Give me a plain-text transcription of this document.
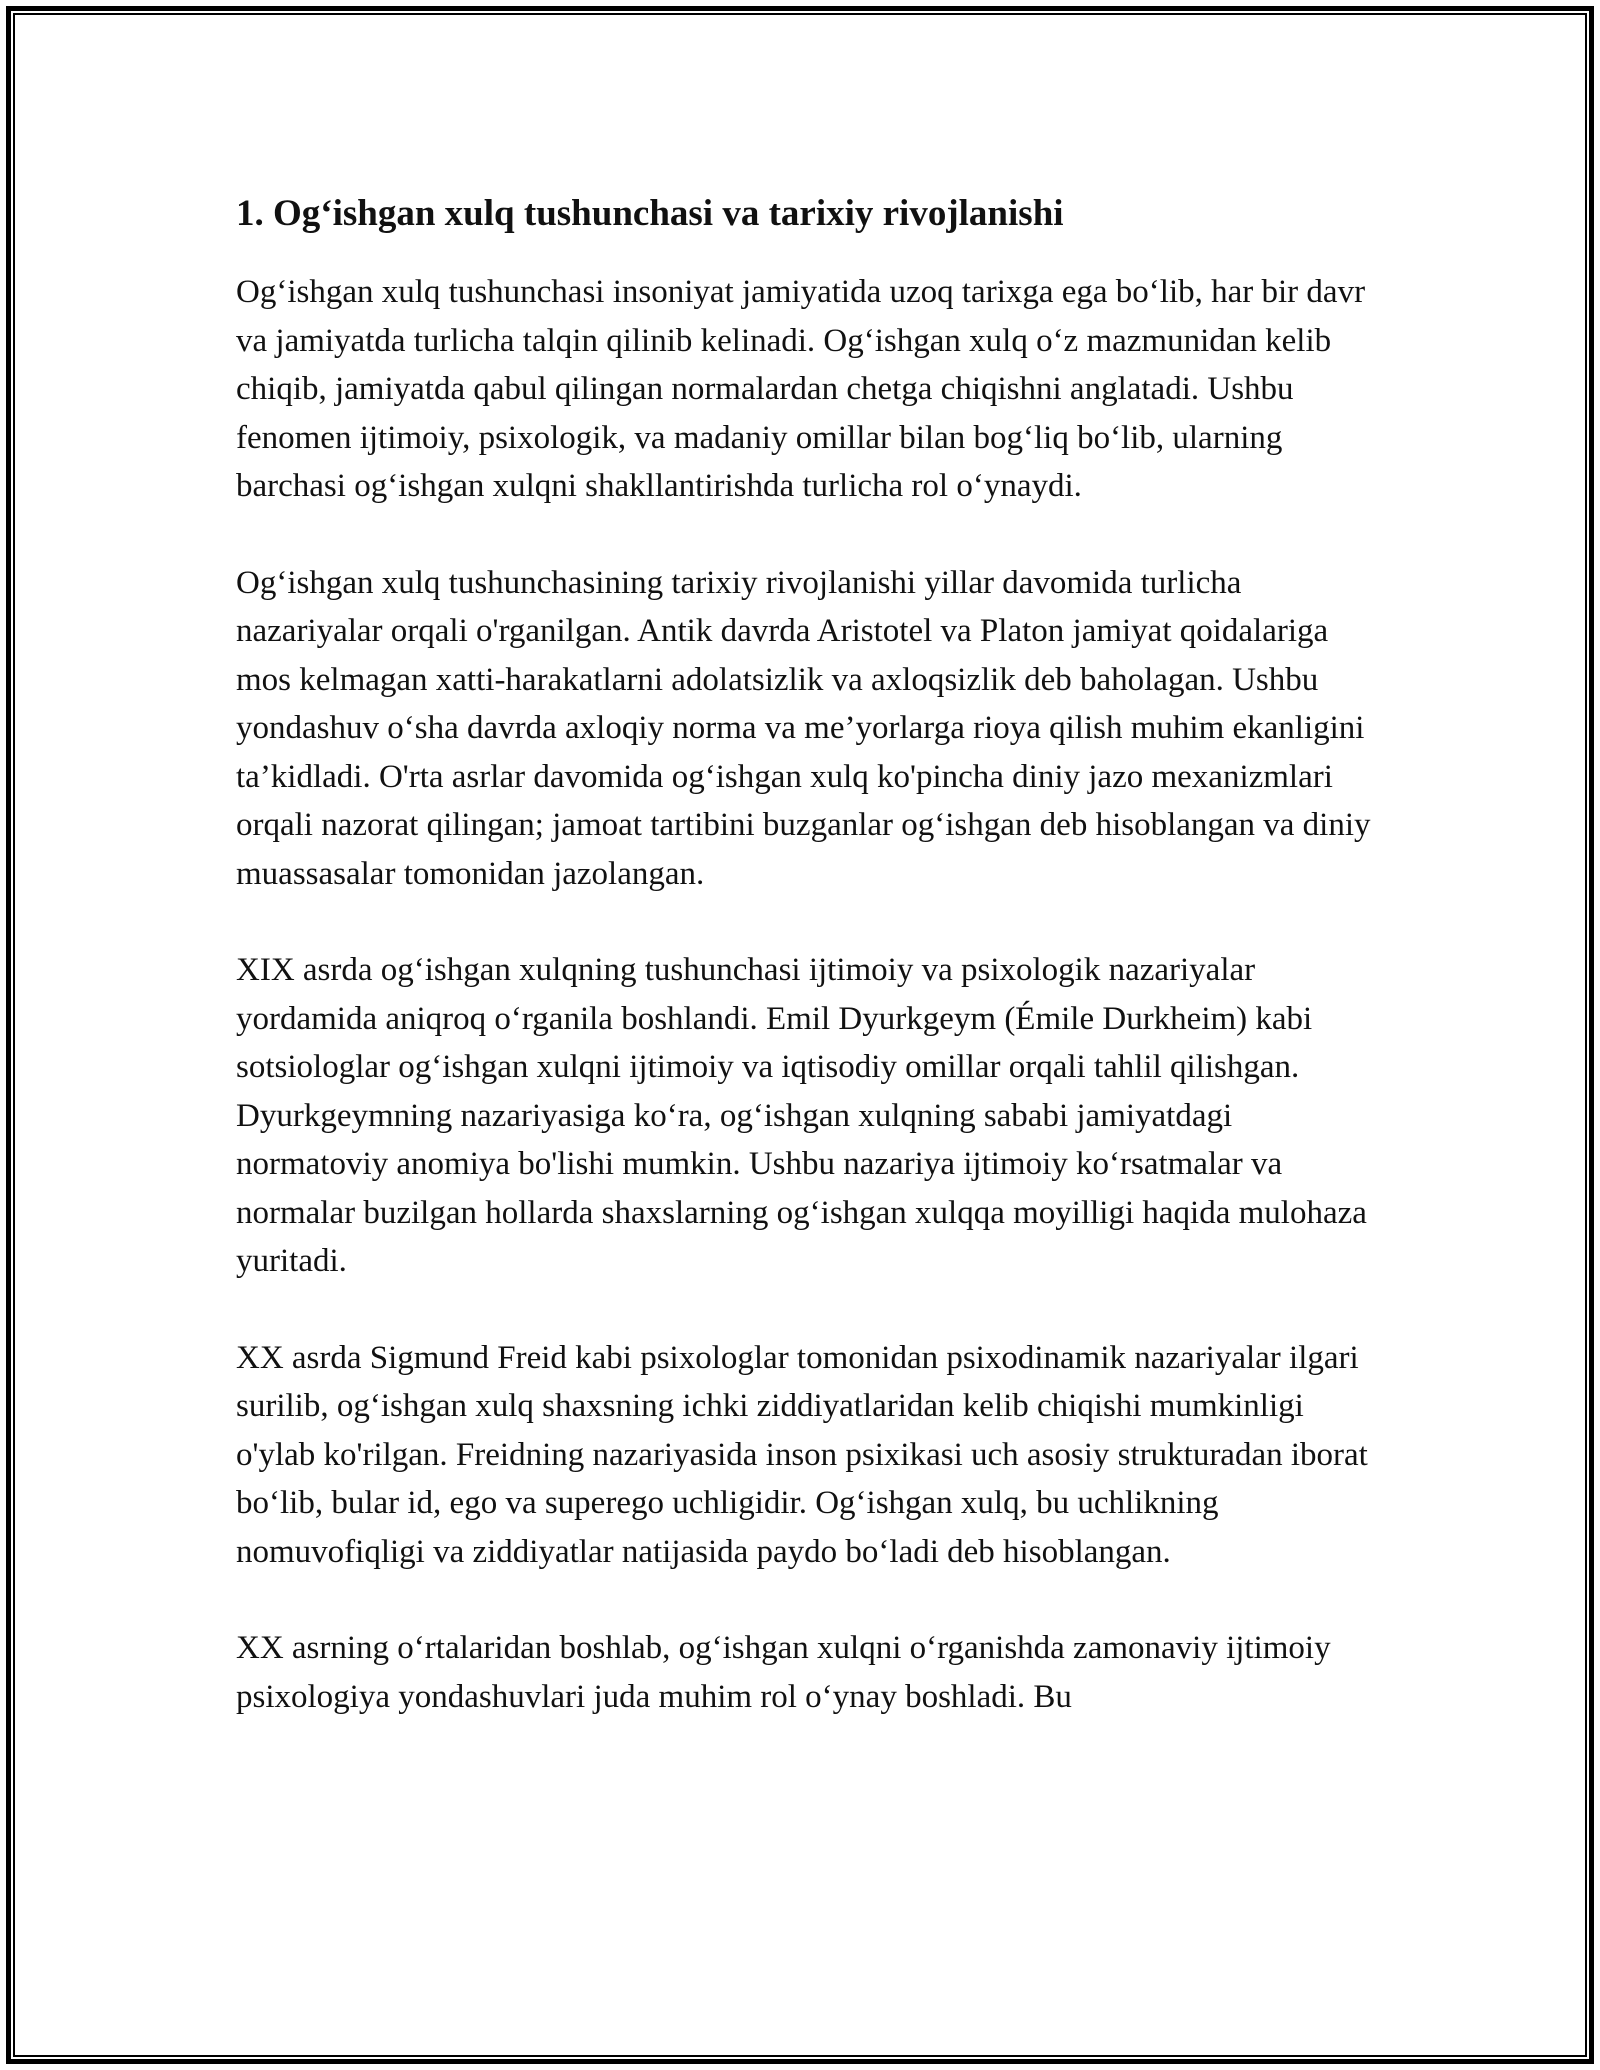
1. Og‘ishgan xulq tushunchasi va tarixiy rivojlanishi

Og‘ishgan xulq tushunchasi insoniyat jamiyatida uzoq tarixga ega bo‘lib, har bir davr va jamiyatda turlicha talqin qilinib kelinadi. Og‘ishgan xulq o‘z mazmunidan kelib chiqib, jamiyatda qabul qilingan normalardan chetga chiqishni anglatadi. Ushbu fenomen ijtimoiy, psixologik, va madaniy omillar bilan bog‘liq bo‘lib, ularning barchasi og‘ishgan xulqni shakllantirishda turlicha rol o‘ynaydi.

Og‘ishgan xulq tushunchasining tarixiy rivojlanishi yillar davomida turlicha nazariyalar orqali o'rganilgan. Antik davrda Aristotel va Platon jamiyat qoidalariga mos kelmagan xatti-harakatlarni adolatsizlik va axloqsizlik deb baholagan. Ushbu yondashuv o‘sha davrda axloqiy norma va me’yorlarga rioya qilish muhim ekanligini ta’kidladi. O'rta asrlar davomida og‘ishgan xulq ko'pincha diniy jazo mexanizmlari orqali nazorat qilingan; jamoat tartibini buzganlar og‘ishgan deb hisoblangan va diniy muassasalar tomonidan jazolangan.

XIX asrda og‘ishgan xulqning tushunchasi ijtimoiy va psixologik nazariyalar yordamida aniqroq o‘rganila boshlandi. Emil Dyurkgeym (Émile Durkheim) kabi sotsiologlar og‘ishgan xulqni ijtimoiy va iqtisodiy omillar orqali tahlil qilishgan. Dyurkgeymning nazariyasiga ko‘ra, og‘ishgan xulqning sababi jamiyatdagi normatoviy anomiya bo'lishi mumkin. Ushbu nazariya ijtimoiy ko‘rsatmalar va normalar buzilgan hollarda shaxslarning og‘ishgan xulqqa moyilligi haqida mulohaza yuritadi.

XX asrda Sigmund Freid kabi psixologlar tomonidan psixodinamik nazariyalar ilgari surilib, og‘ishgan xulq shaxsning ichki ziddiyatlaridan kelib chiqishi mumkinligi o'ylab ko'rilgan. Freidning nazariyasida inson psixikasi uch asosiy strukturadan iborat bo‘lib, bular id, ego va superego uchligidir. Og‘ishgan xulq, bu uchlikning nomuvofiqligi va ziddiyatlar natijasida paydo bo‘ladi deb hisoblangan.

XX asrning o‘rtalaridan boshlab, og‘ishgan xulqni o‘rganishda zamonaviy ijtimoiy psixologiya yondashuvlari juda muhim rol o‘ynay boshladi. Bu
